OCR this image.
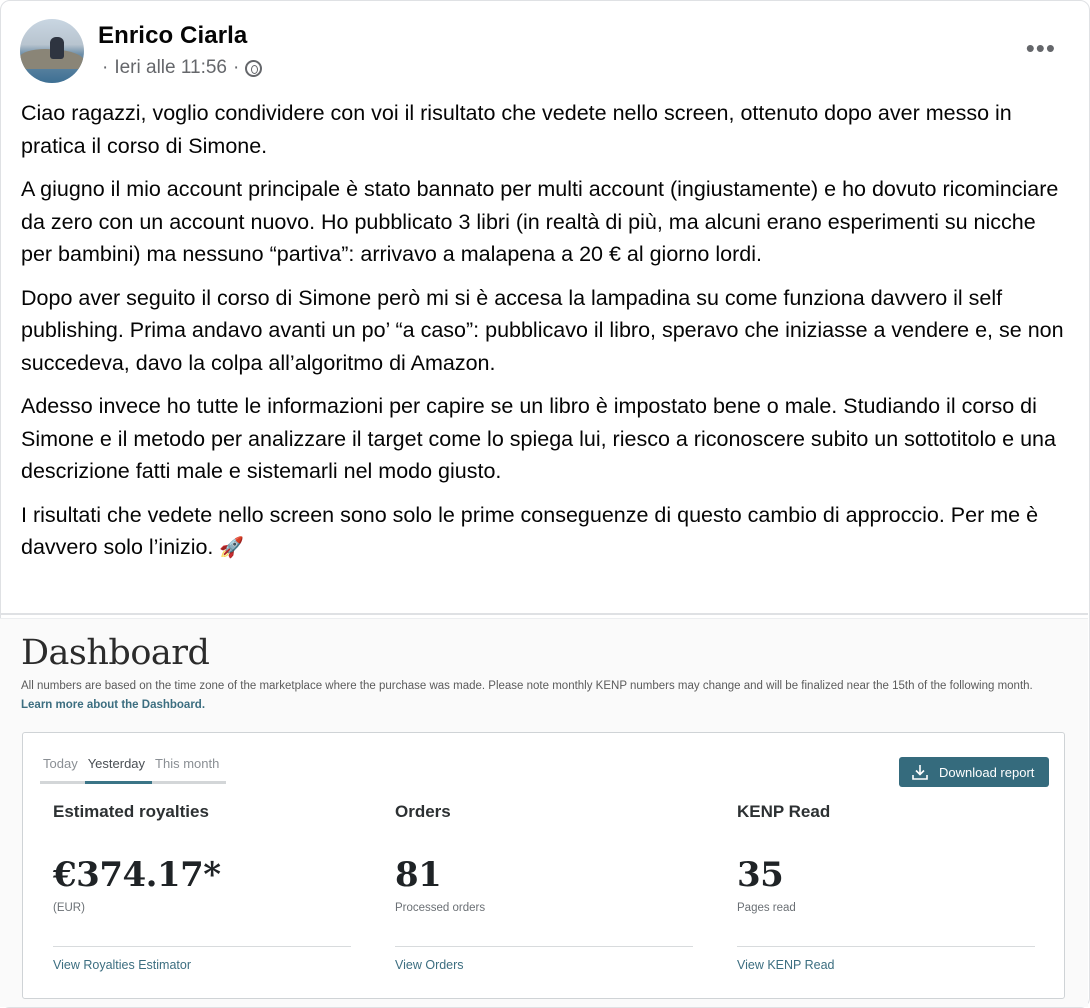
Enrico Ciarla
· Ieri alle 11:56 ·
•••

Ciao ragazzi, voglio condividere con voi il risultato che vedete nello screen, ottenuto dopo aver messo in pratica il corso di Simone.

A giugno il mio account principale è stato bannato per multi account (ingiustamente) e ho dovuto ricominciare da zero con un account nuovo. Ho pubblicato 3 libri (in realtà di più, ma alcuni erano esperimenti su nicche per bambini) ma nessuno “partiva”: arrivavo a malapena a 20 € al giorno lordi.

Dopo aver seguito il corso di Simone però mi si è accesa la lampadina su come funziona davvero il self publishing. Prima andavo avanti un po’ “a caso”: pubblicavo il libro, speravo che iniziasse a vendere e, se non succedeva, davo la colpa all’algoritmo di Amazon.

Adesso invece ho tutte le informazioni per capire se un libro è impostato bene o male. Studiando il corso di Simone e il metodo per analizzare il target come lo spiega lui, riesco a riconoscere subito un sottotitolo e una descrizione fatti male e sistemarli nel modo giusto.

I risultati che vedete nello screen sono solo le prime conseguenze di questo cambio di approccio. Per me è davvero solo l’inizio. 🚀

Dashboard
All numbers are based on the time zone of the marketplace where the purchase was made. Please note monthly KENP numbers may change and will be finalized near the 15th of the following month.  Learn more about the Dashboard.
Today Yesterday This month
Download report
Estimated royalties
€374.17*
(EUR)
View Royalties Estimator
Orders
81
Processed orders
View Orders
KENP Read
35
Pages read
View KENP Read
